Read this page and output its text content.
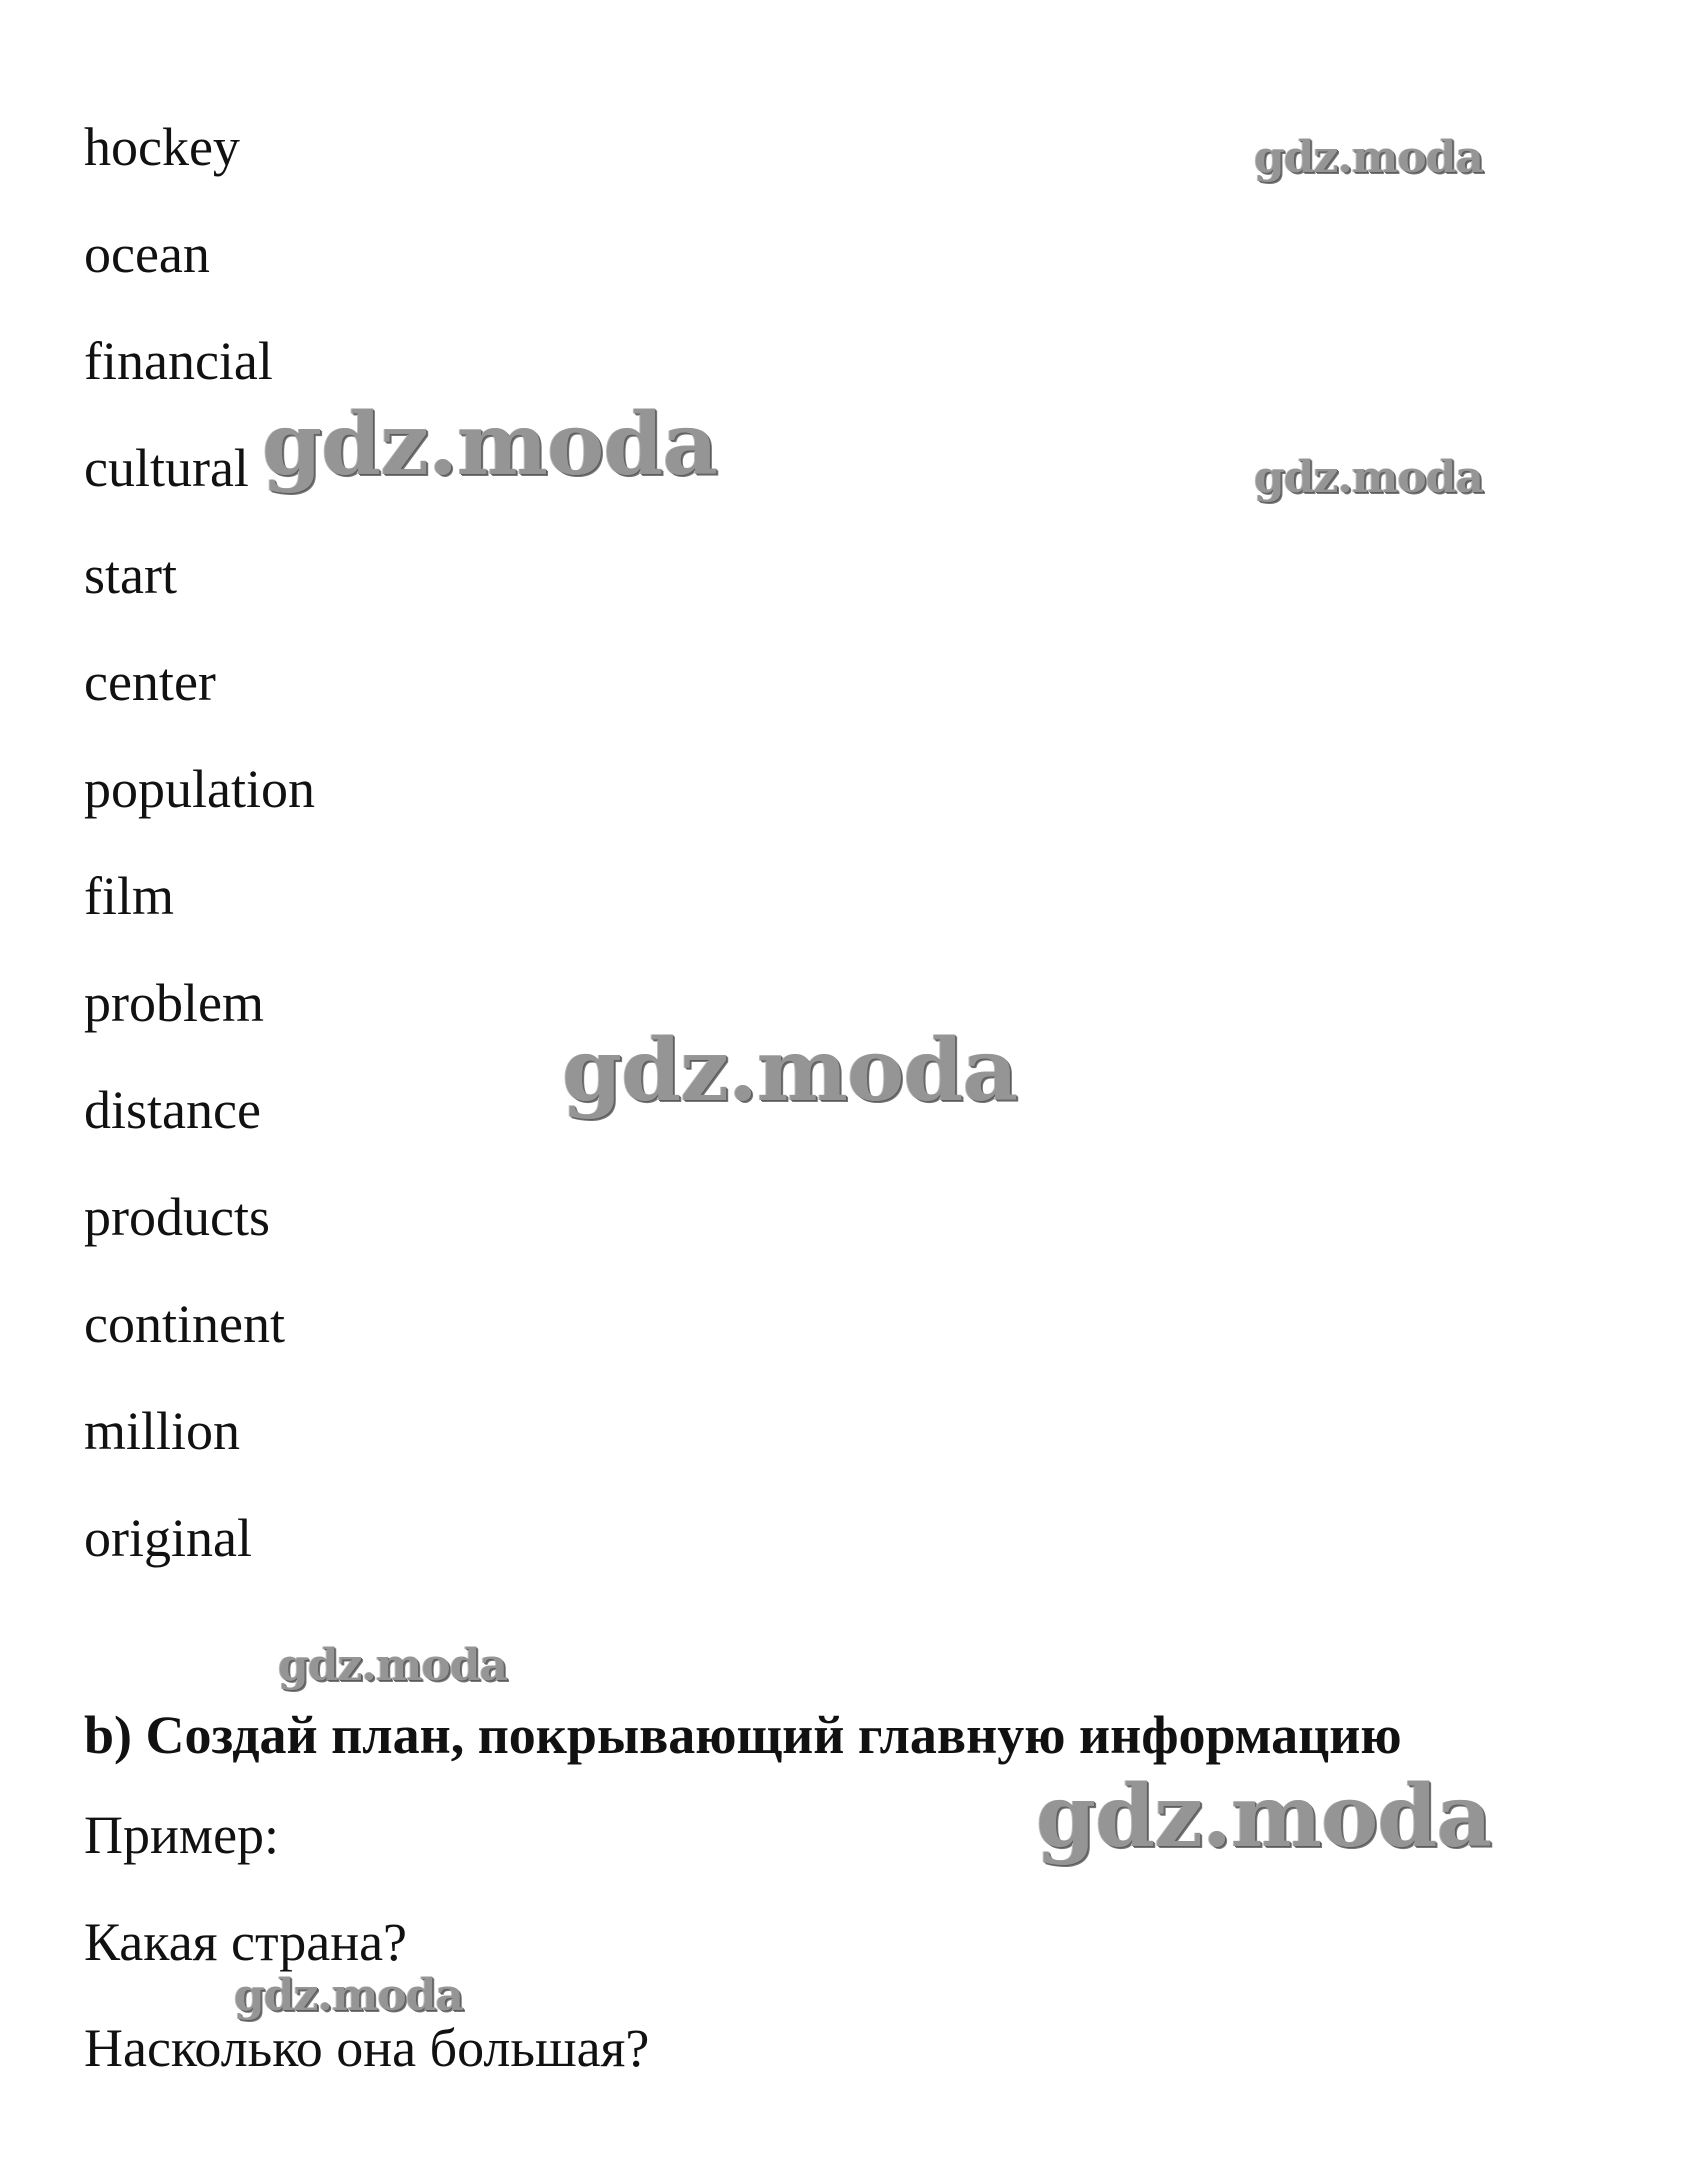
hockey
ocean
financial
cultural
start
center
population
film
problem
distance
products
continent
million
original
b) Создай план, покрывающий главную информацию
Пример:
Какая страна?
Насколько она большая?
gdz.moda
gdz.moda	gdz.moda
gdz.moda
gdz.moda
gdz.moda
gdz.moda
